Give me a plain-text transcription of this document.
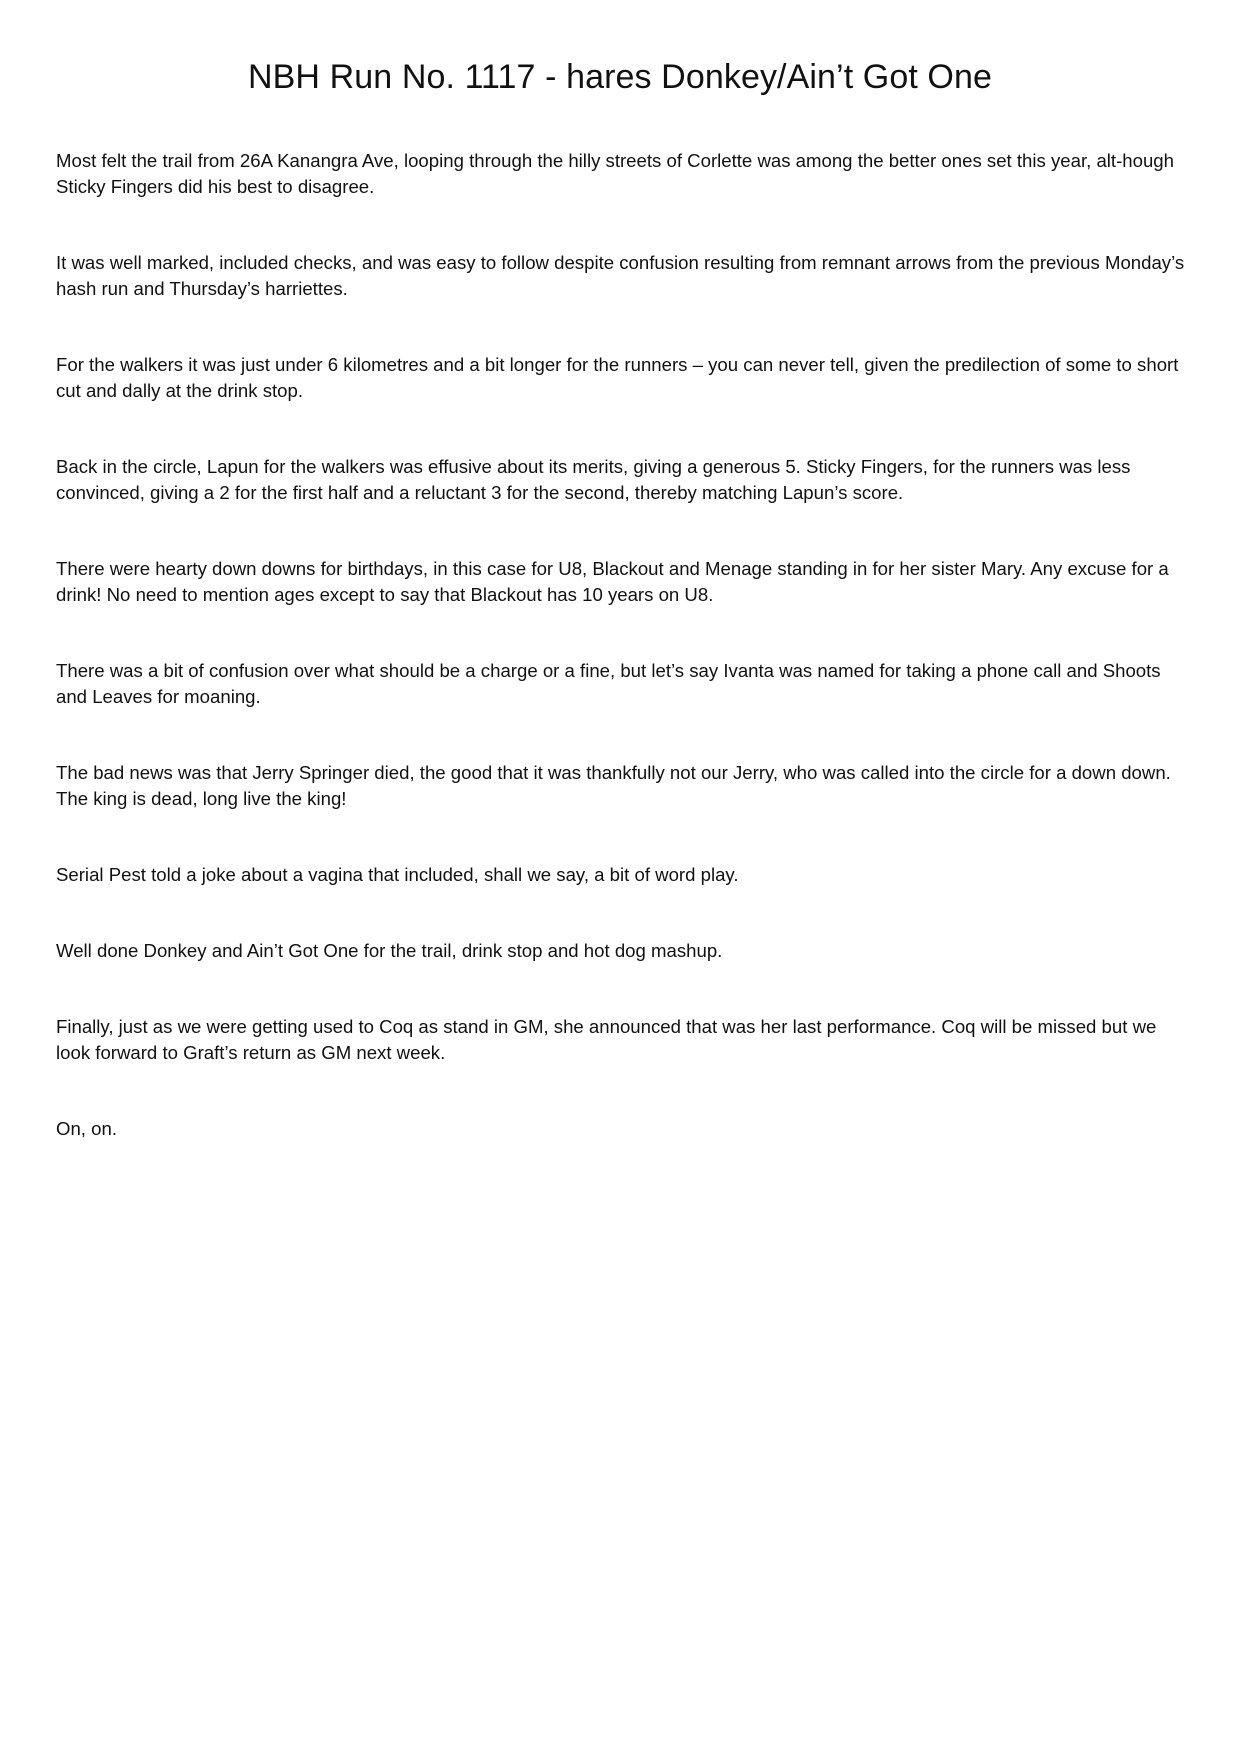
NBH Run No. 1117 - hares Donkey/Ain’t Got One

Most felt the trail from 26A Kanangra Ave, looping through the hilly streets of Corlette was among the better ones set this year, alt-hough Sticky Fingers did his best to disagree.

It was well marked, included checks, and was easy to follow despite confusion resulting from remnant arrows from the previous Monday’s hash run and Thursday’s harriettes.

For the walkers it was just under 6 kilometres and a bit longer for the runners – you can never tell, given the predilection of some to short cut and dally at the drink stop.

Back in the circle, Lapun for the walkers was effusive about its merits, giving a generous 5. Sticky Fingers, for the runners was less convinced, giving a 2 for the first half and a reluctant 3 for the second, thereby matching Lapun’s score.

There were hearty down downs for birthdays, in this case for U8, Blackout and Menage standing in for her sister Mary. Any excuse for a drink! No need to mention ages except to say that Blackout has 10 years on U8.

There was a bit of confusion over what should be a charge or a fine, but let’s say Ivanta was named for taking a phone call and Shoots and Leaves for moaning.

The bad news was that Jerry Springer died, the good that it was thankfully not our Jerry, who was called into the circle for a down down. The king is dead, long live the king!

Serial Pest told a joke about a vagina that included, shall we say, a bit of word play.

Well done Donkey and Ain’t Got One for the trail, drink stop and hot dog mashup.

Finally, just as we were getting used to Coq as stand in GM, she announced that was her last performance. Coq will be missed but we look forward to Graft’s return as GM next week.

On, on.
